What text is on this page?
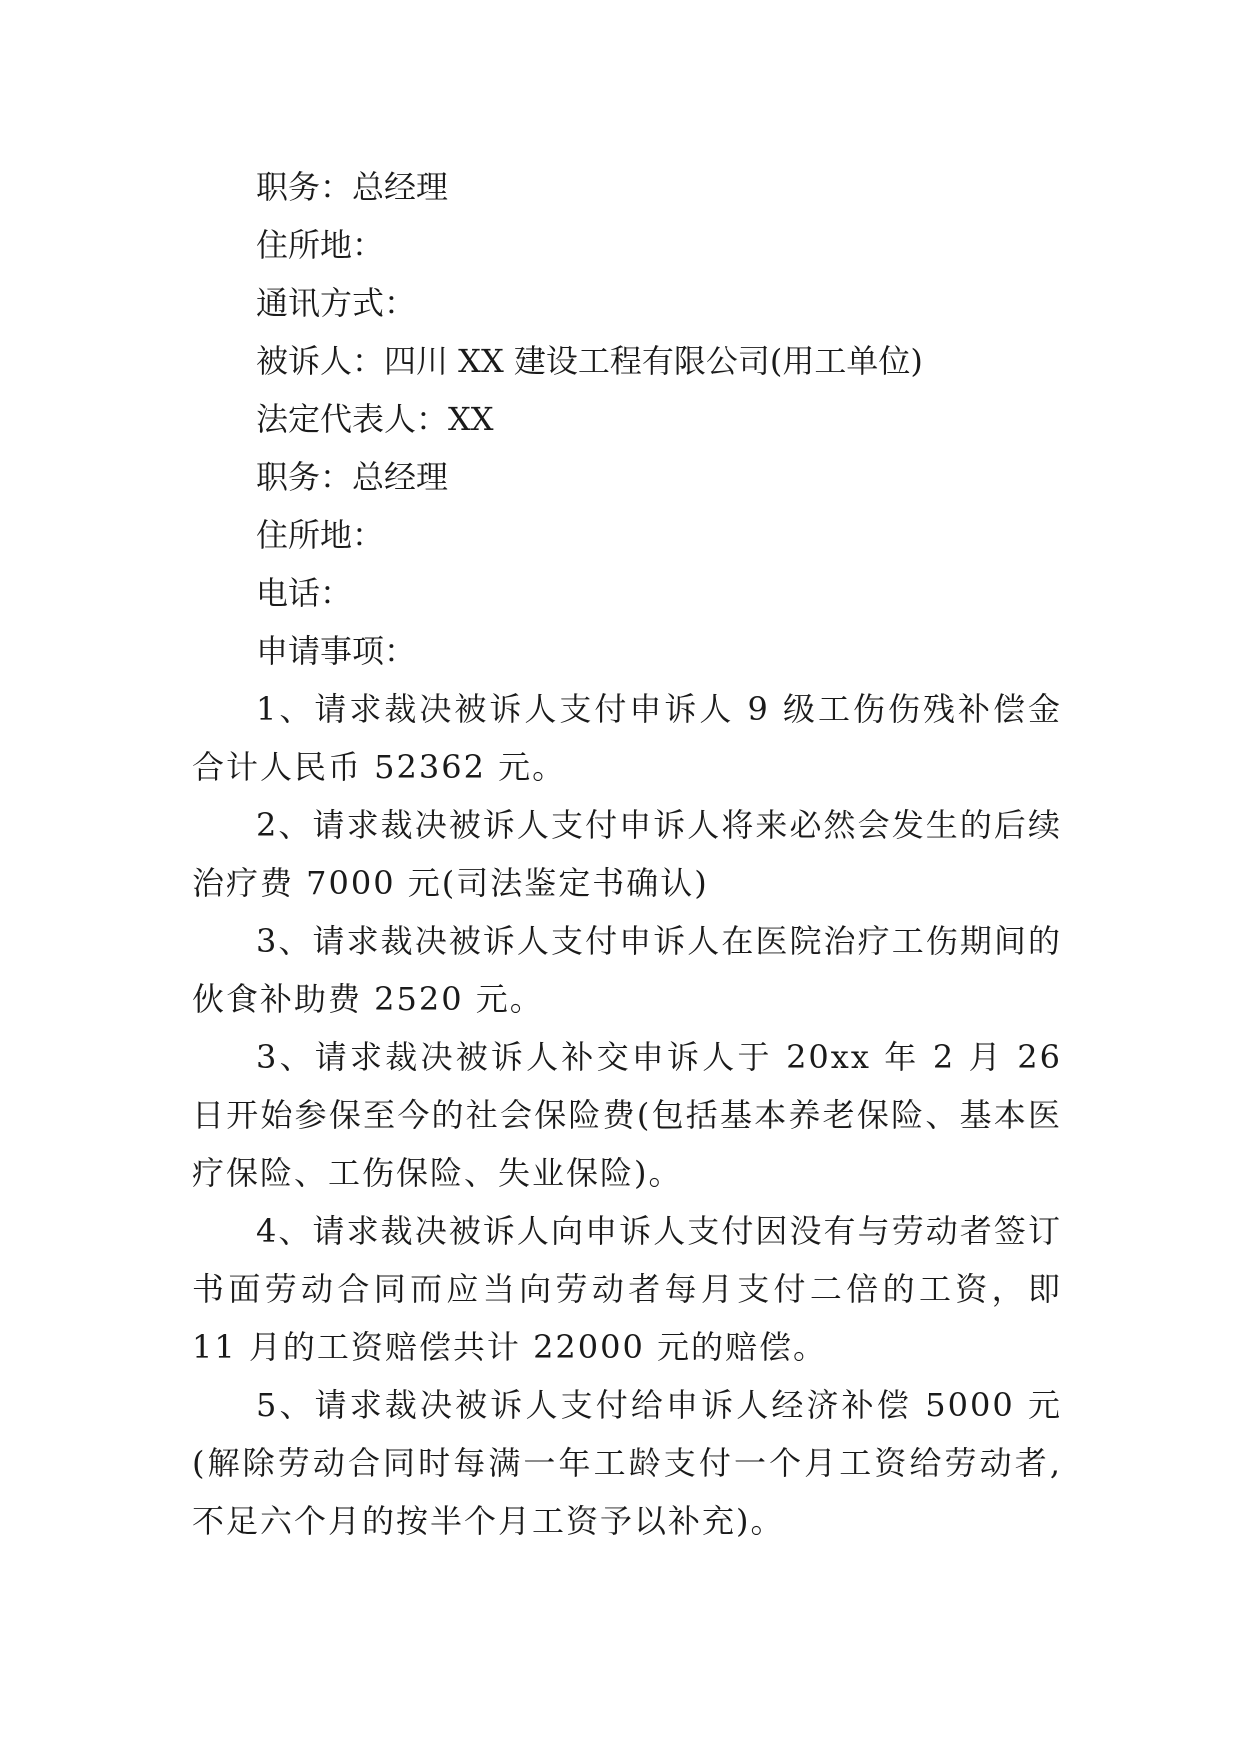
职务：总经理

住所地：

通讯方式：

被诉人：四川 XX 建设工程有限公司(用工单位)

法定代表人：XX

职务：总经理

住所地：

电话：

申请事项：

1、请求裁决被诉人支付申诉人 9 级工伤伤残补偿金合计人民币 52362 元。

2、请求裁决被诉人支付申诉人将来必然会发生的后续治疗费 7000 元(司法鉴定书确认)

3、请求裁决被诉人支付申诉人在医院治疗工伤期间的伙食补助费 2520 元。

3、请求裁决被诉人补交申诉人于 20xx 年 2 月 26 日开始参保至今的社会保险费(包括基本养老保险、基本医疗保险、工伤保险、失业保险)。

4、请求裁决被诉人向申诉人支付因没有与劳动者签订书面劳动合同而应当向劳动者每月支付二倍的工资，即 11 月的工资赔偿共计 22000 元的赔偿。

5、请求裁决被诉人支付给申诉人经济补偿 5000 元(解除劳动合同时每满一年工龄支付一个月工资给劳动者,不足六个月的按半个月工资予以补充)。
